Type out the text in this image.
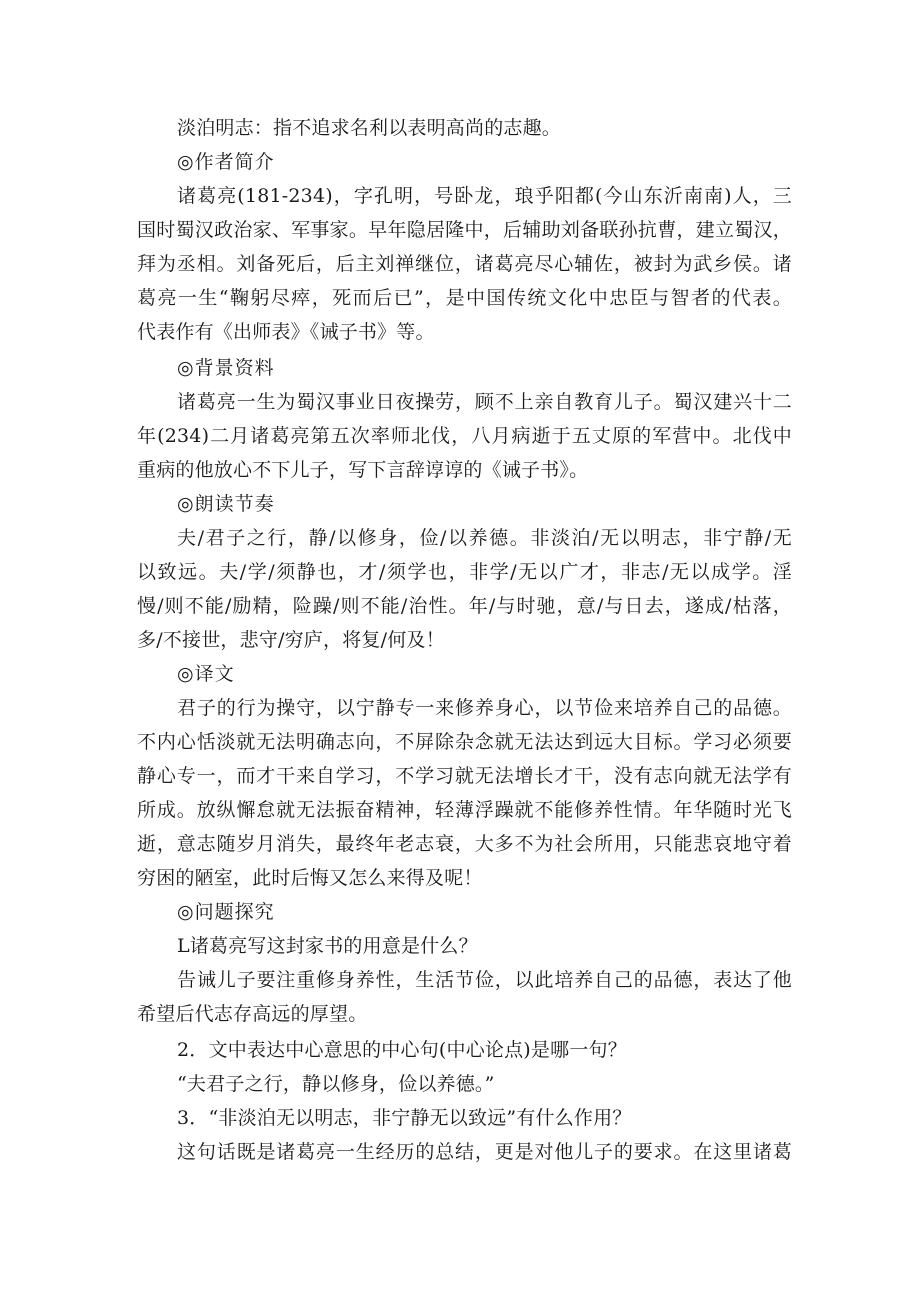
淡泊明志：指不追求名利以表明高尚的志趣。
◎作者简介
诸葛亮(181-234)，字孔明，号卧龙，琅乎阳都(今山东沂南南)人，三
国时蜀汉政治家、军事家。早年隐居隆中，后辅助刘备联孙抗曹，建立蜀汉，
拜为丞相。刘备死后，后主刘禅继位，诸葛亮尽心辅佐，被封为武乡侯。诸
葛亮一生“鞠躬尽瘁，死而后已”，是中国传统文化中忠臣与智者的代表。
代表作有《出师表》《诫子书》等。
◎背景资料
诸葛亮一生为蜀汉事业日夜操劳，顾不上亲自教育儿子。蜀汉建兴十二
年(234)二月诸葛亮第五次率师北伐，八月病逝于五丈原的军营中。北伐中
重病的他放心不下儿子，写下言辞谆谆的《诫子书》。
◎朗读节奏
夫/君子之行，静/以修身，俭/以养德。非淡泊/无以明志，非宁静/无
以致远。夫/学/须静也，才/须学也，非学/无以广才，非志/无以成学。淫
慢/则不能/励精，险躁/则不能/治性。年/与时驰，意/与日去，遂成/枯落，
多/不接世，悲守/穷庐，将复/何及！
◎译文
君子的行为操守，以宁静专一来修养身心，以节俭来培养自己的品德。
不内心恬淡就无法明确志向，不屏除杂念就无法达到远大目标。学习必须要
静心专一，而才干来自学习，不学习就无法增长才干，没有志向就无法学有
所成。放纵懈怠就无法振奋精神，轻薄浮躁就不能修养性情。年华随时光飞
逝，意志随岁月消失，最终年老志衰，大多不为社会所用，只能悲哀地守着
穷困的陋室，此时后悔又怎么来得及呢！
◎问题探究
L诸葛亮写这封家书的用意是什么？
告诫儿子要注重修身养性，生活节俭，以此培养自己的品德，表达了他
希望后代志存高远的厚望。
2．文中表达中心意思的中心句(中心论点)是哪一句？
“夫君子之行，静以修身，俭以养德。”
3．“非淡泊无以明志，非宁静无以致远”有什么作用？
这句话既是诸葛亮一生经历的总结，更是对他儿子的要求。在这里诸葛
